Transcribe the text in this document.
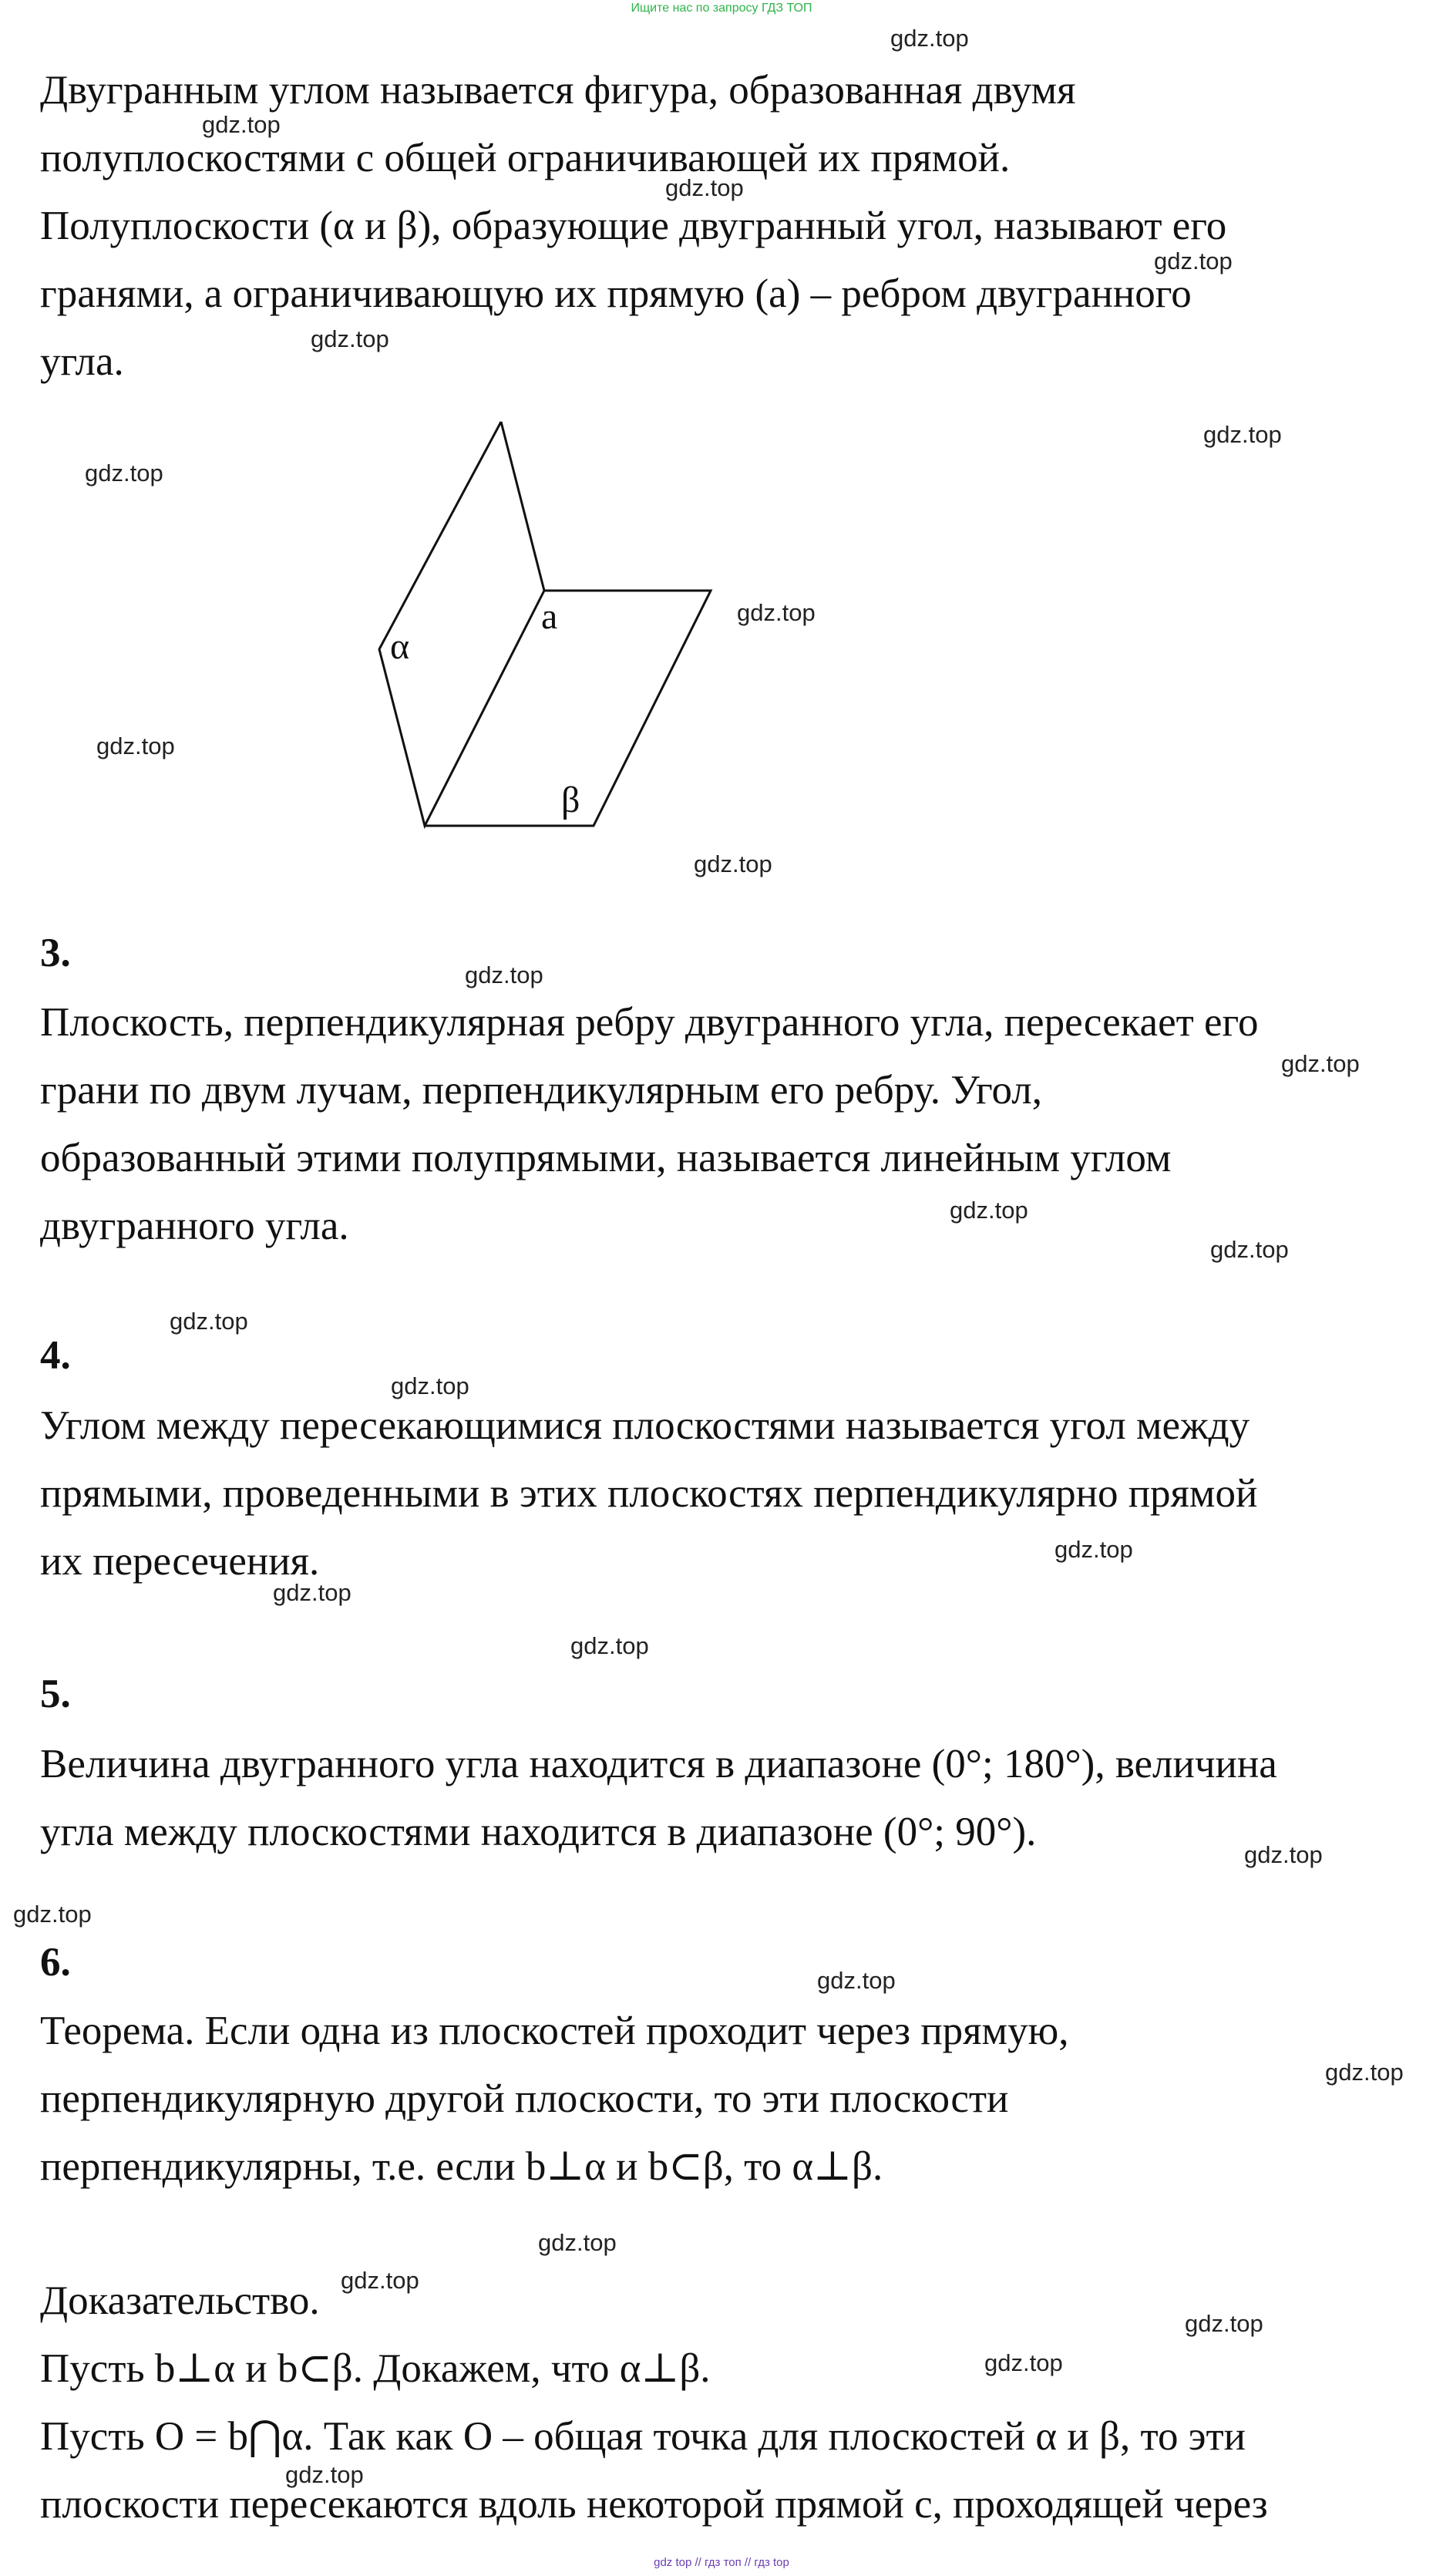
Ищите нас по запросу ГДЗ ТОП
Двугранным углом называется фигура, образованная двумя
полуплоскостями с общей ограничивающей их прямой.
Полуплоскости (α и β), образующие двугранный угол, называют его
гранями, а ограничивающую их прямую (a) – ребром двугранного
угла.
α
a
β
3.
Плоскость, перпендикулярная ребру двугранного угла, пересекает его
грани по двум лучам, перпендикулярным его ребру. Угол,
образованный этими полупрямыми, называется линейным углом
двугранного угла.
4.
Углом между пересекающимися плоскостями называется угол между
прямыми, проведенными в этих плоскостях перпендикулярно прямой
их пересечения.
5.
Величина двугранного угла находится в диапазоне (0°; 180°), величина
угла между плоскостями находится в диапазоне (0°; 90°).
6.
Теорема. Если одна из плоскостей проходит через прямую,
перпендикулярную другой плоскости, то эти плоскости
перпендикулярны, т.е. если b⊥α и b⊂β, то α⊥β.
Доказательство.
Пусть b⊥α и b⊂β. Докажем, что α⊥β.
Пусть O = b⋂α. Так как O – общая точка для плоскостей α и β, то эти
плоскости пересекаются вдоль некоторой прямой c, проходящей через
gdz.top
gdz.top
gdz.top
gdz.top
gdz.top
gdz.top
gdz.top
gdz.top
gdz.top
gdz.top
gdz.top
gdz.top
gdz.top
gdz.top
gdz.top
gdz.top
gdz.top
gdz.top
gdz.top
gdz.top
gdz.top
gdz.top
gdz.top
gdz.top
gdz.top
gdz.top
gdz.top
gdz.top
gdz top // гдз топ // гдз top
